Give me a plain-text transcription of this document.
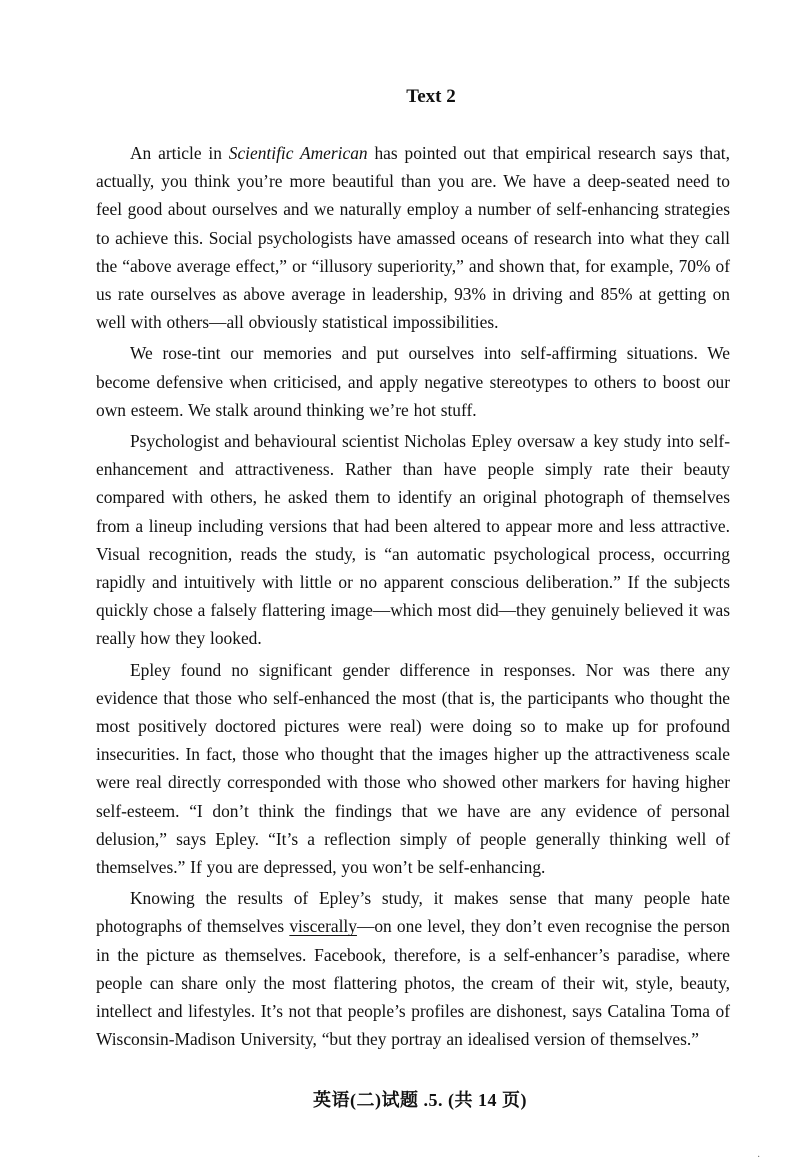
Text 2

An article in Scientific American has pointed out that empirical research says that, actually, you think you’re more beautiful than you are. We have a deep-seated need to feel good about ourselves and we naturally employ a number of self-enhancing strategies to achieve this. Social psychologists have amassed oceans of research into what they call the “above average effect,” or “illusory superiority,” and shown that, for example, 70% of us rate ourselves as above average in leadership, 93% in driving and 85% at getting on well with others—all obviously statistical impossibilities.

We rose-tint our memories and put ourselves into self-affirming situations. We become defensive when criticised, and apply negative stereotypes to others to boost our own esteem. We stalk around thinking we’re hot stuff.

Psychologist and behavioural scientist Nicholas Epley oversaw a key study into self-enhancement and attractiveness. Rather than have people simply rate their beauty compared with others, he asked them to identify an original photograph of themselves from a lineup including versions that had been altered to appear more and less attractive. Visual recognition, reads the study, is “an automatic psychological process, occurring rapidly and intuitively with little or no apparent conscious deliberation.” If the subjects quickly chose a falsely flattering image—which most did—they genuinely believed it was really how they looked.

Epley found no significant gender difference in responses. Nor was there any evidence that those who self-enhanced the most (that is, the participants who thought the most positively doctored pictures were real) were doing so to make up for profound insecurities. In fact, those who thought that the images higher up the attractiveness scale were real directly corresponded with those who showed other markers for having higher self-esteem. “I don’t think the findings that we have are any evidence of personal delusion,” says Epley. “It’s a reflection simply of people generally thinking well of themselves.” If you are depressed, you won’t be self-enhancing.

Knowing the results of Epley’s study, it makes sense that many people hate photographs of themselves viscerally—on one level, they don’t even recognise the person in the picture as themselves. Facebook, therefore, is a self-enhancer’s paradise, where people can share only the most flattering photos, the cream of their wit, style, beauty, intellect and lifestyles. It’s not that people’s profiles are dishonest, says Catalina Toma of Wisconsin-Madison University, “but they portray an idealised version of themselves.”

英语(二)试题 .5. (共 14 页)
·
